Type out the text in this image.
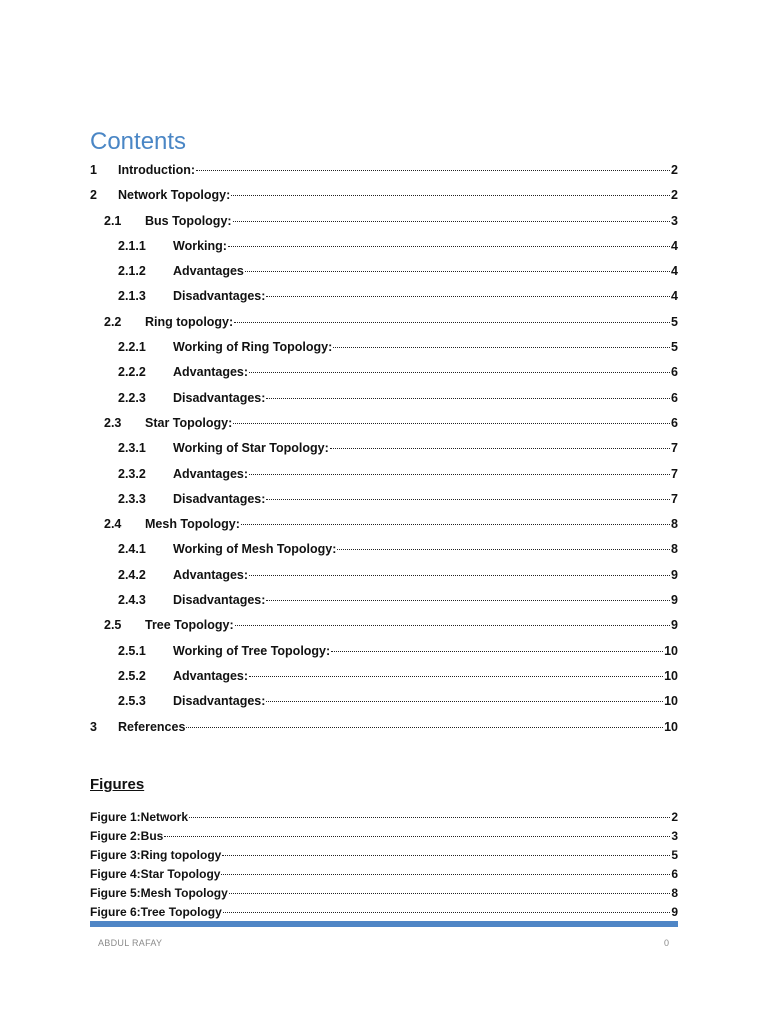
Contents
1	Introduction:	2
2	Network Topology:	2
2.1	Bus Topology:	3
2.1.1	Working:	4
2.1.2	Advantages	4
2.1.3	Disadvantages:	4
2.2	Ring topology:	5
2.2.1	Working of Ring Topology:	5
2.2.2	Advantages:	6
2.2.3	Disadvantages:	6
2.3	Star Topology:	6
2.3.1	Working of Star Topology:	7
2.3.2	Advantages:	7
2.3.3	Disadvantages:	7
2.4	Mesh Topology:	8
2.4.1	Working of Mesh Topology:	8
2.4.2	Advantages:	9
2.4.3	Disadvantages:	9
2.5	Tree Topology:	9
2.5.1	Working of Tree Topology:	10
2.5.2	Advantages:	10
2.5.3	Disadvantages:	10
3	References	10
Figures
Figure 1:Network	2
Figure 2:Bus	3
Figure 3:Ring topology	5
Figure 4:Star Topology	6
Figure 5:Mesh Topology	8
Figure 6:Tree Topology	9
ABDUL RAFAY	0
